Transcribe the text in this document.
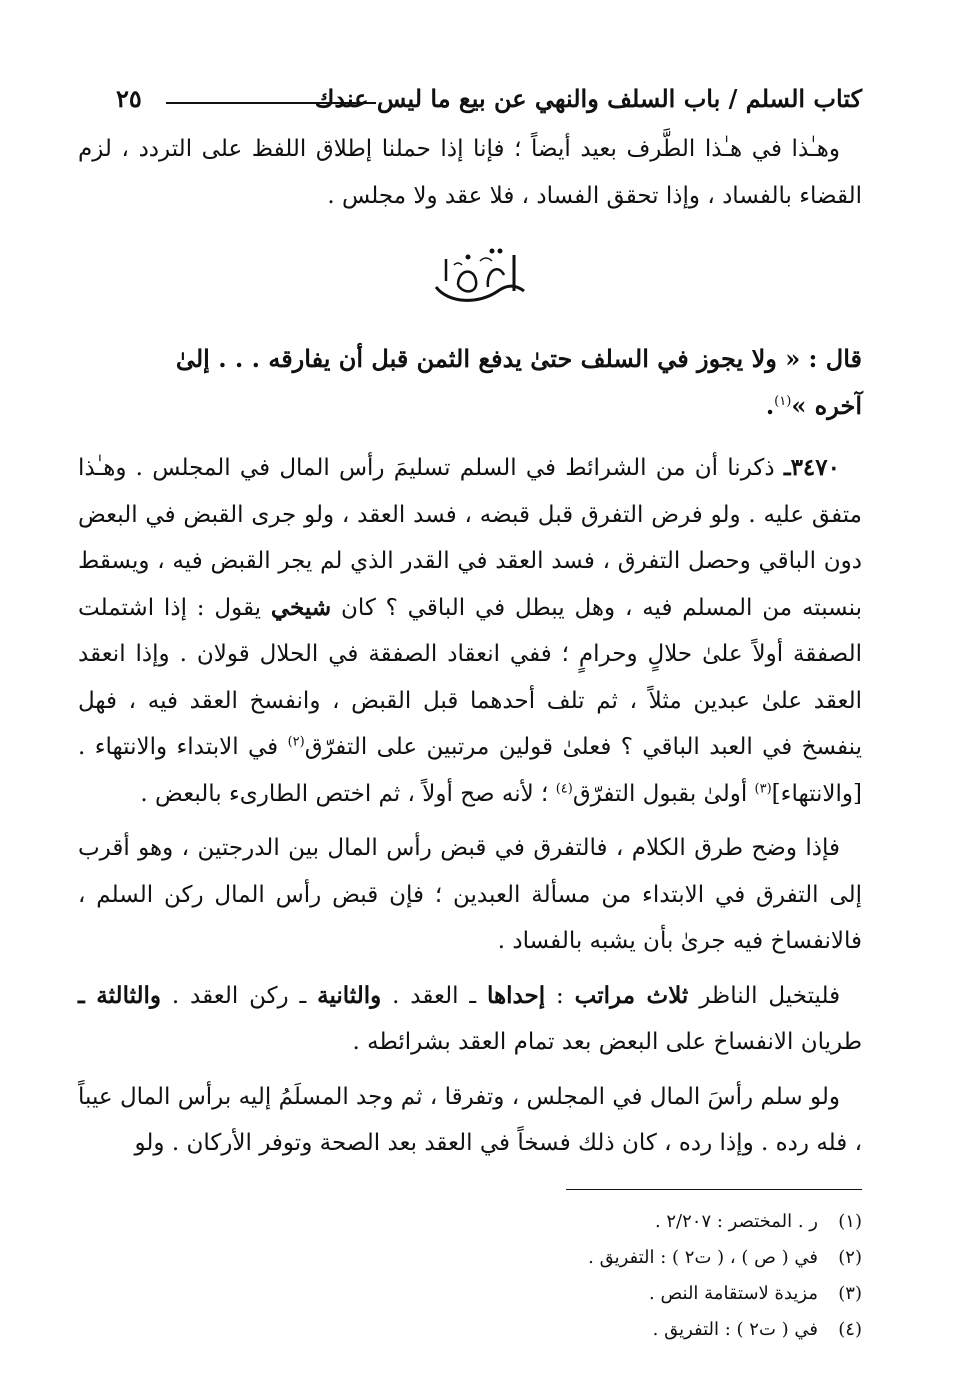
كتاب السلم / باب السلف والنهي عن بيع ما ليس عندك
٢٥

وهـٰذا في هـٰذا الطَّرف بعيد أيضاً ؛ فإنا إذا حملنا إطلاق اللفظ على التردد ، لزم القضاء بالفساد ، وإذا تحقق الفساد ، فلا عقد ولا مجلس .

قال : « ولا يجوز في السلف حتىٰ يدفع الثمن قبل أن يفارقه . . . إلىٰ
آخره »$^{(١)}$.

٣٤٧٠ـ ذكرنا أن من الشرائط في السلم تسليمَ رأس المال في المجلس . وهـٰذا متفق عليه . ولو فرض التفرق قبل قبضه ، فسد العقد ، ولو جرى القبض في البعض دون الباقي وحصل التفرق ، فسد العقد في القدر الذي لم يجر القبض فيه ، ويسقط بنسبته من المسلم فيه ، وهل يبطل في الباقي ؟ كان شيخي يقول : إذا اشتملت الصفقة أولاً علىٰ حلالٍ وحرامٍ ؛ ففي انعقاد الصفقة في الحلال قولان . وإذا انعقد العقد علىٰ عبدين مثلاً ، ثم تلف أحدهما قبل القبض ، وانفسخ العقد فيه ، فهل ينفسخ في العبد الباقي ؟ فعلىٰ قولين مرتبين على التفرّق$^{(٢)}$ في الابتداء والانتهاء . [والانتهاء]$^{(٣)}$ أولىٰ بقبول التفرّق$^{(٤)}$ ؛ لأنه صح أولاً ، ثم اختص الطارىء بالبعض .

فإذا وضح طرق الكلام ، فالتفرق في قبض رأس المال بين الدرجتين ، وهو أقرب إلى التفرق في الابتداء من مسألة العبدين ؛ فإن قبض رأس المال ركن السلم ، فالانفساخ فيه جرىٰ بأن يشبه بالفساد .

فليتخيل الناظر ثلاث مراتب : إحداها ـ العقد . والثانية ـ ركن العقد . والثالثة ـ طريان الانفساخ على البعض بعد تمام العقد بشرائطه .

ولو سلم رأسَ المال في المجلس ، وتفرقا ، ثم وجد المسلَمُ إليه برأس المال عيباً ، فله رده . وإذا رده ، كان ذلك فسخاً في العقد بعد الصحة وتوفر الأركان . ولو

(١)
ر . المختصر : ٢/٢٠٧ .
(٢)
في ( ص ) ، ( ت٢ ) : التفريق .
(٣)
مزيدة لاستقامة النص .
(٤)
في ( ت٢ ) : التفريق .
